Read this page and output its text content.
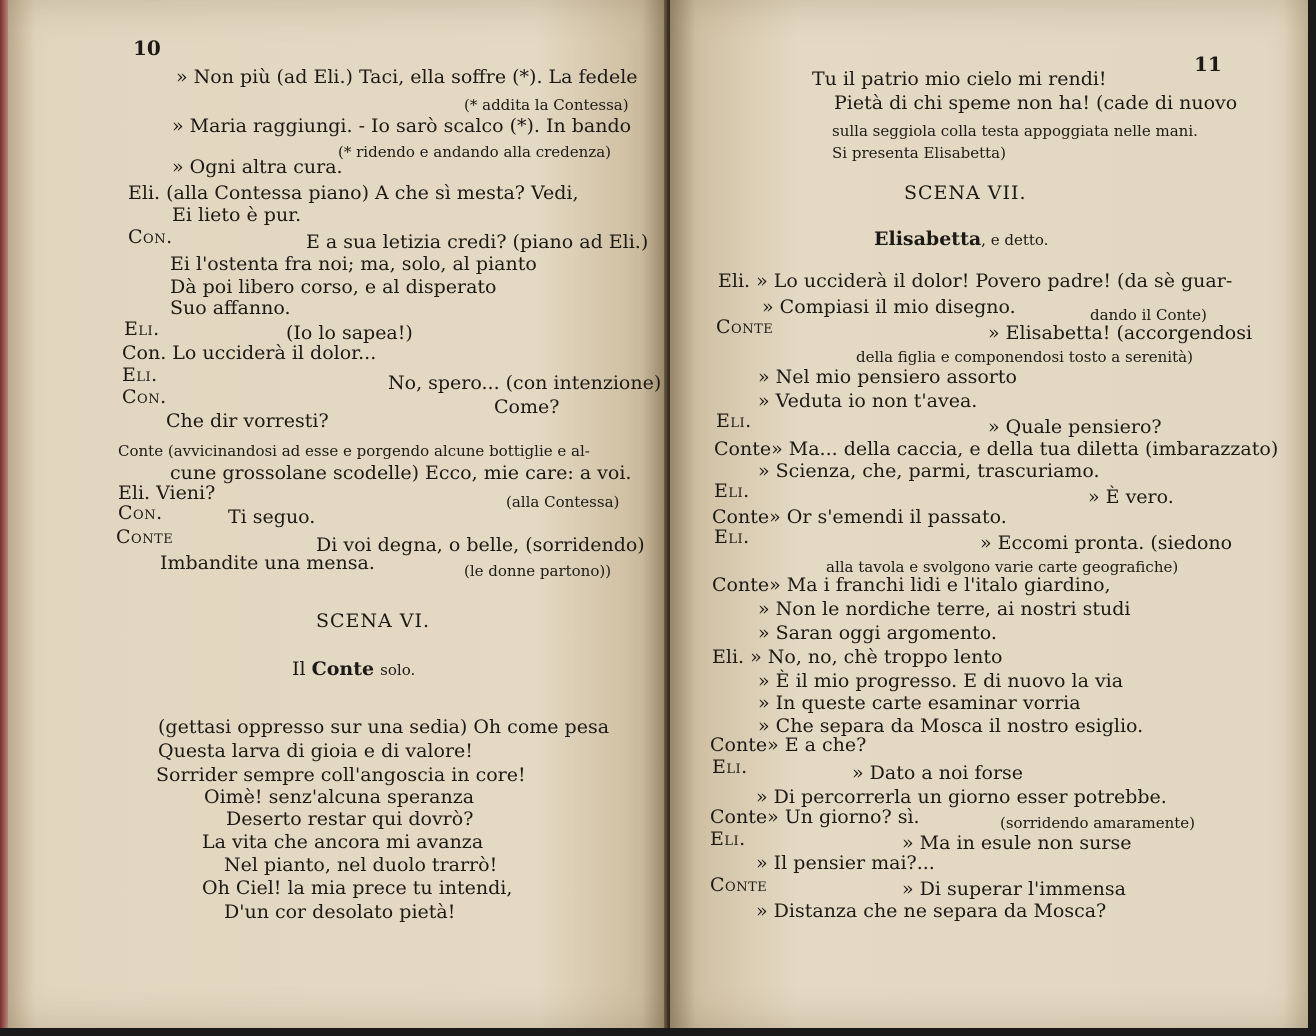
10
» Non più (ad Eli.) Taci, ella soffre (*). La fedele
(* addita la Contessa)
» Maria raggiungi. - Io sarò scalco (*). In bando
(* ridendo e andando alla credenza)
» Ogni altra cura.
Eli. (alla Contessa piano) A che sì mesta? Vedi,
Ei lieto è pur.
Con.	E a sua letizia credi? (piano ad Eli.)
Ei l'ostenta fra noi; ma, solo, al pianto
Dà poi libero corso, e al disperato
Suo affanno.
Eli.	(Io lo sapea!)
Con. Lo ucciderà il dolor...
Eli.	No, spero... (con intenzione)
Con.	Come?
Che dir vorresti?
Conte (avvicinandosi ad esse e porgendo alcune bottiglie e al-
cune grossolane scodelle) Ecco, mie care: a voi.
Eli. Vieni?	(alla Contessa)
Con.	Ti seguo.
Conte	Di voi degna, o belle, (sorridendo)
Imbandite una mensa.	(le donne partono))
SCENA VI.
Il Conte solo.
(gettasi oppresso sur una sedia) Oh come pesa
Questa larva di gioia e di valore!
Sorrider sempre coll'angoscia in core!
Oimè! senz'alcuna speranza
Deserto restar qui dovrò?
La vita che ancora mi avanza
Nel pianto, nel duolo trarrò!
Oh Ciel! la mia prece tu intendi,
D'un cor desolato pietà!
11
Tu il patrio mio cielo mi rendi!
Pietà di chi speme non ha! (cade di nuovo
sulla seggiola colla testa appoggiata nelle mani.
Si presenta Elisabetta)
SCENA VII.
Elisabetta, e detto.
Eli. » Lo ucciderà il dolor! Povero padre! (da sè guar-
» Compiasi il mio disegno.	dando il Conte)
Conte	» Elisabetta! (accorgendosi
della figlia e componendosi tosto a serenità)
» Nel mio pensiero assorto
» Veduta io non t'avea.
Eli.	» Quale pensiero?
Conte» Ma... della caccia, e della tua diletta (imbarazzato)
» Scienza, che, parmi, trascuriamo.
Eli.	» È vero.
Conte» Or s'emendi il passato.
Eli.	» Eccomi pronta. (siedono
alla tavola e svolgono varie carte geografiche)
Conte» Ma i franchi lidi e l'italo giardino,
» Non le nordiche terre, ai nostri studi
» Saran oggi argomento.
Eli. » No, no, chè troppo lento
» È il mio progresso. E di nuovo la via
» In queste carte esaminar vorria
» Che separa da Mosca il nostro esiglio.
Conte» E a che?
Eli.	» Dato a noi forse
» Di percorrerla un giorno esser potrebbe.
Conte» Un giorno? sì.	(sorridendo amaramente)
Eli.	» Ma in esule non surse
» Il pensier mai?...
Conte	» Di superar l'immensa
» Distanza che ne separa da Mosca?
